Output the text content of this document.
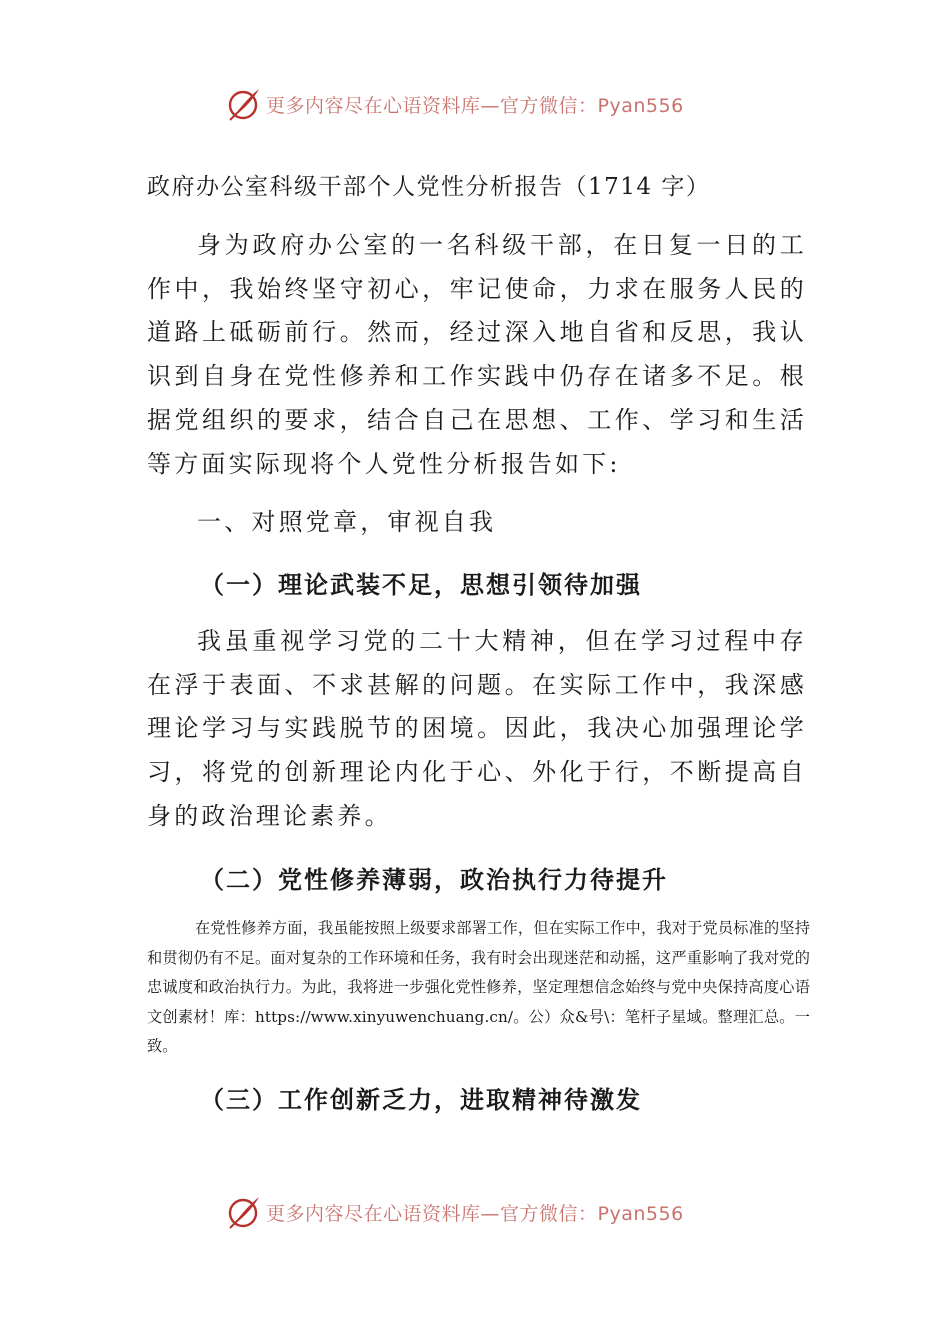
更多内容尽在心语资料库—官方微信：Pyan556
政府办公室科级干部个人党性分析报告（1714 字）
身为政府办公室的一名科级干部，在日复一日的工作中，我始终坚守初心，牢记使命，力求在服务人民的道路上砥砺前行。然而，经过深入地自省和反思，我认识到自身在党性修养和工作实践中仍存在诸多不足。根据党组织的要求，结合自己在思想、工作、学习和生活等方面实际现将个人党性分析报告如下:
一、对照党章，审视自我
（一）理论武装不足，思想引领待加强
我虽重视学习党的二十大精神，但在学习过程中存在浮于表面、不求甚解的问题。在实际工作中，我深感理论学习与实践脱节的困境。因此，我决心加强理论学习，将党的创新理论内化于心、外化于行，不断提高自身的政治理论素养。
（二）党性修养薄弱，政治执行力待提升
在党性修养方面，我虽能按照上级要求部署工作，但在实际工作中，我对于党员标准的坚持和贯彻仍有不足。面对复杂的工作环境和任务，我有时会出现迷茫和动摇，这严重影响了我对党的忠诚度和政治执行力。为此，我将进一步强化党性修养，坚定理想信念始终与党中央保持高度心语文创素材！库：https://www.xinyuwenchuang.cn/。公）众&号\：笔杆子星域。整理汇总。一致。
（三）工作创新乏力，进取精神待激发
更多内容尽在心语资料库—官方微信：Pyan556
